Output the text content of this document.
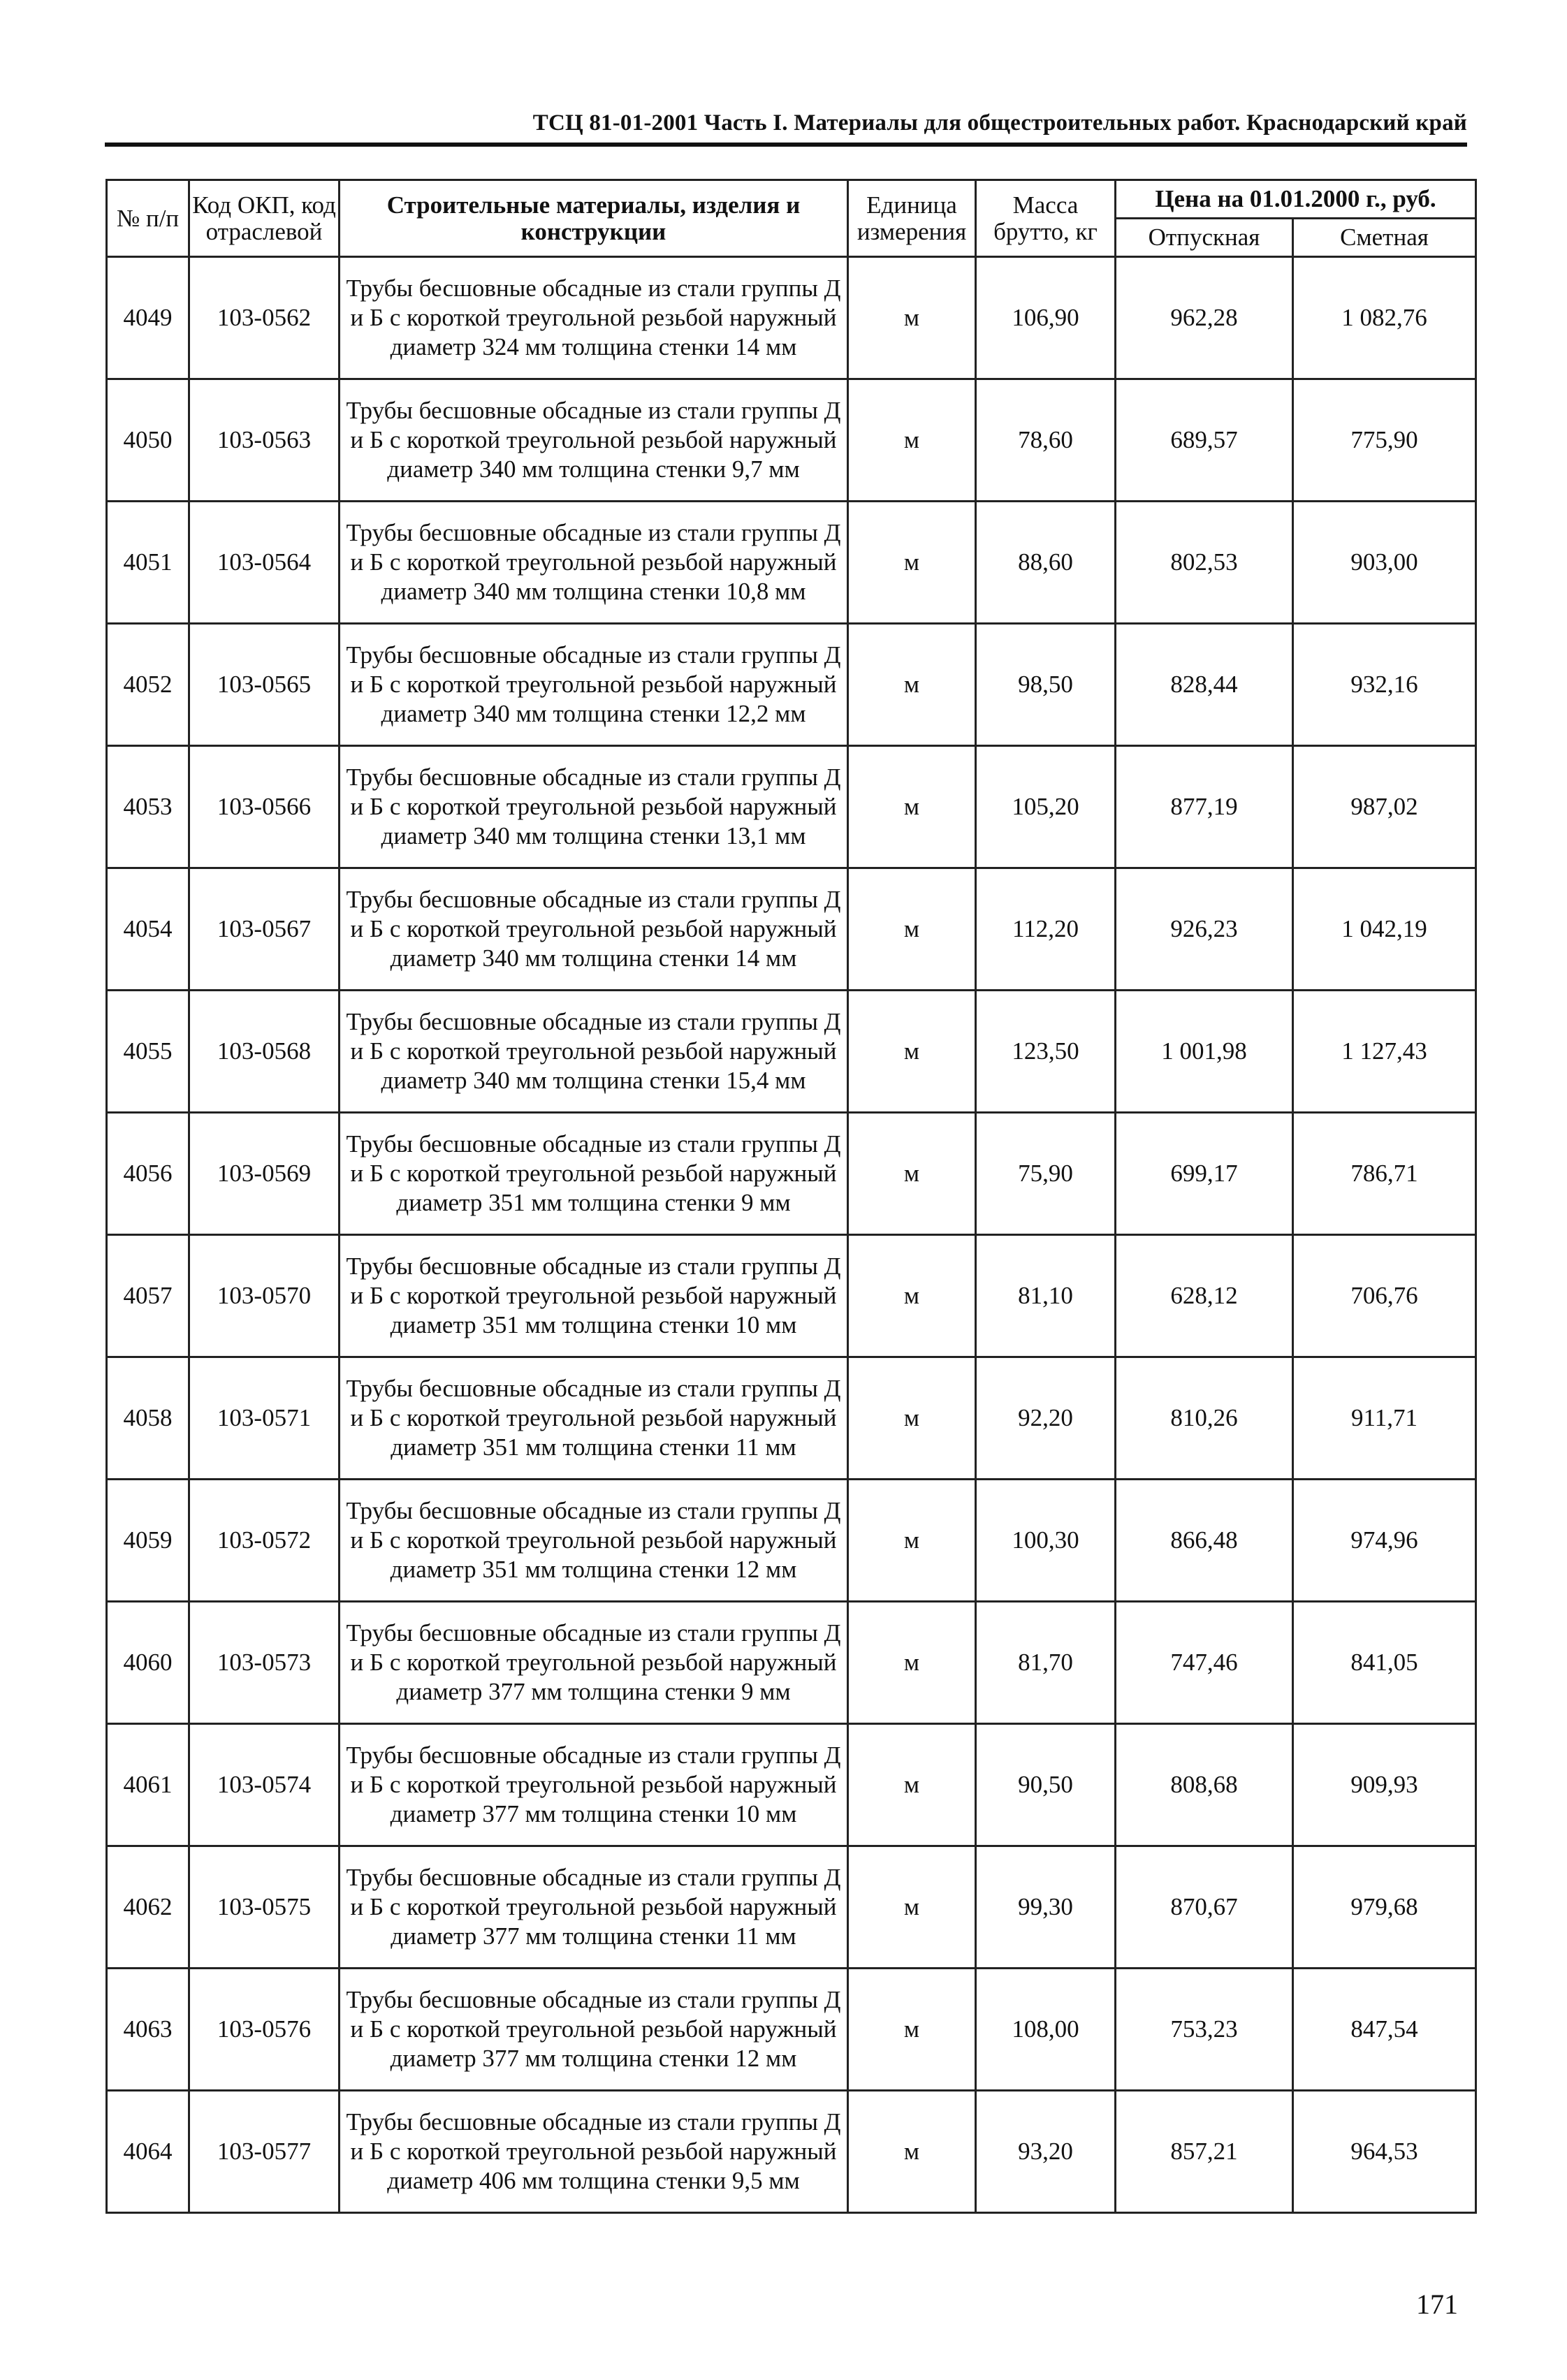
ТСЦ 81-01-2001 Часть I. Материалы для общестроительных работ. Краснодарский край
№ п/п	Код ОКП, код отраслевой	Строительные материалы, изделия и конструкции	Единица измерения	Масса брутто, кг	Цена на 01.01.2000 г., руб.	
					Отпускная	Сметная
4049	103-0562	Трубы бесшовные обсадные из стали группы Д и Б с короткой треугольной резьбой наружный диаметр 324 мм толщина стенки 14 мм	м	106,90	962,28	1 082,76
4050	103-0563	Трубы бесшовные обсадные из стали группы Д и Б с короткой треугольной резьбой наружный диаметр 340 мм толщина стенки 9,7 мм	м	78,60	689,57	775,90
4051	103-0564	Трубы бесшовные обсадные из стали группы Д и Б с короткой треугольной резьбой наружный диаметр 340 мм толщина стенки 10,8 мм	м	88,60	802,53	903,00
4052	103-0565	Трубы бесшовные обсадные из стали группы Д и Б с короткой треугольной резьбой наружный диаметр 340 мм толщина стенки 12,2 мм	м	98,50	828,44	932,16
4053	103-0566	Трубы бесшовные обсадные из стали группы Д и Б с короткой треугольной резьбой наружный диаметр 340 мм толщина стенки 13,1 мм	м	105,20	877,19	987,02
4054	103-0567	Трубы бесшовные обсадные из стали группы Д и Б с короткой треугольной резьбой наружный диаметр 340 мм толщина стенки 14 мм	м	112,20	926,23	1 042,19
4055	103-0568	Трубы бесшовные обсадные из стали группы Д и Б с короткой треугольной резьбой наружный диаметр 340 мм толщина стенки 15,4 мм	м	123,50	1 001,98	1 127,43
4056	103-0569	Трубы бесшовные обсадные из стали группы Д и Б с короткой треугольной резьбой наружный диаметр 351 мм толщина стенки 9 мм	м	75,90	699,17	786,71
4057	103-0570	Трубы бесшовные обсадные из стали группы Д и Б с короткой треугольной резьбой наружный диаметр 351 мм толщина стенки 10 мм	м	81,10	628,12	706,76
4058	103-0571	Трубы бесшовные обсадные из стали группы Д и Б с короткой треугольной резьбой наружный диаметр 351 мм толщина стенки 11 мм	м	92,20	810,26	911,71
4059	103-0572	Трубы бесшовные обсадные из стали группы Д и Б с короткой треугольной резьбой наружный диаметр 351 мм толщина стенки 12 мм	м	100,30	866,48	974,96
4060	103-0573	Трубы бесшовные обсадные из стали группы Д и Б с короткой треугольной резьбой наружный диаметр 377 мм толщина стенки 9 мм	м	81,70	747,46	841,05
4061	103-0574	Трубы бесшовные обсадные из стали группы Д и Б с короткой треугольной резьбой наружный диаметр 377 мм толщина стенки 10 мм	м	90,50	808,68	909,93
4062	103-0575	Трубы бесшовные обсадные из стали группы Д и Б с короткой треугольной резьбой наружный диаметр 377 мм толщина стенки 11 мм	м	99,30	870,67	979,68
4063	103-0576	Трубы бесшовные обсадные из стали группы Д и Б с короткой треугольной резьбой наружный диаметр 377 мм толщина стенки 12 мм	м	108,00	753,23	847,54
4064	103-0577	Трубы бесшовные обсадные из стали группы Д и Б с короткой треугольной резьбой наружный диаметр 406 мм толщина стенки 9,5 мм	м	93,20	857,21	964,53
171
